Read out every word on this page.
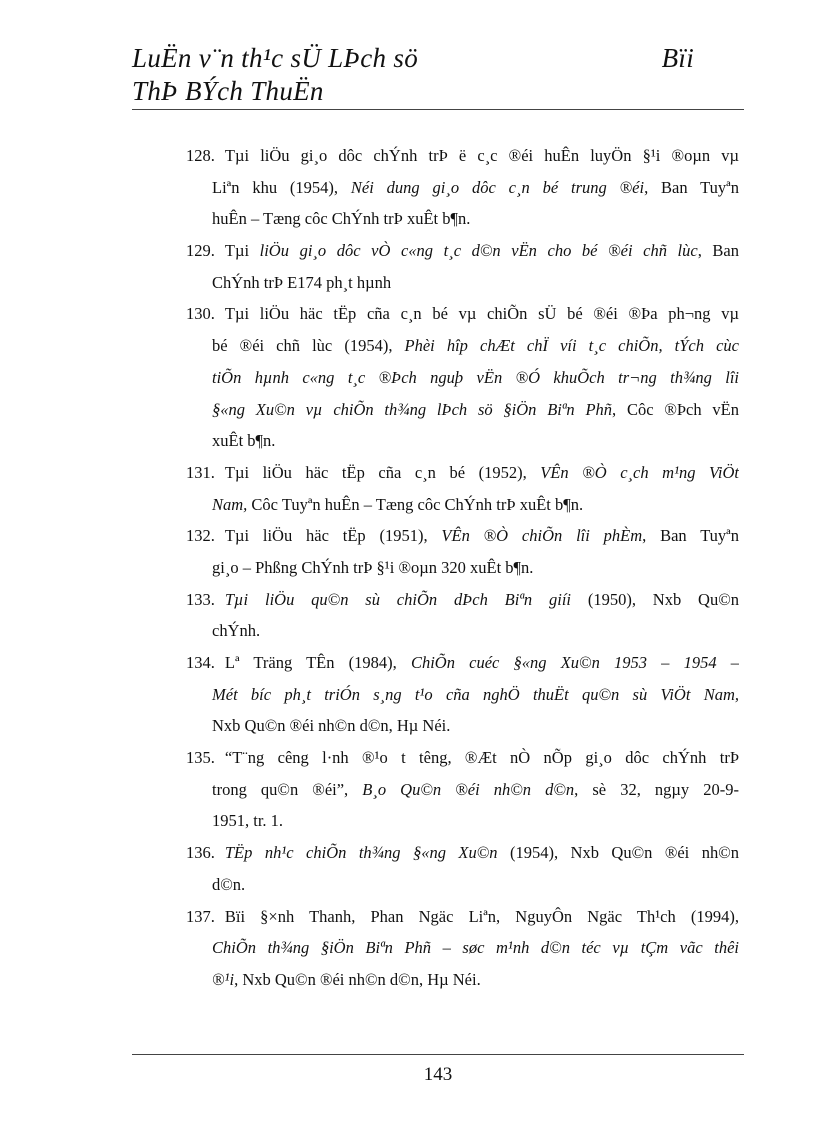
LuËn v¨n th¹c sÜ LÞch sö	Bïi
ThÞ BÝch ThuËn
128. Tµi liÖu gi¸o dôc chÝnh trÞ ë c¸c ®éi huÊn luyÖn §¹i ®oµn vµ
Liªn khu (1954), Néi dung gi¸o dôc c¸n bé trung ®éi, Ban Tuyªn
huÊn – Tæng côc ChÝnh trÞ xuÊt b¶n.
129. Tµi liÖu gi¸o dôc vÒ c«ng t¸c d©n vËn cho bé ®éi chñ lùc, Ban
ChÝnh trÞ E174 ph¸t hµnh
130. Tµi liÖu häc tËp cña c¸n bé vµ chiÕn sÜ bé ®éi ®Þa ph¬ng vµ
bé ®éi chñ lùc (1954), Phèi hîp chÆt chÏ víi t¸c chiÕn, tÝch cùc
tiÕn hµnh c«ng t¸c ®Þch nguþ vËn ®Ó khuÕch tr¬ng th¾ng lîi
§«ng Xu©n vµ chiÕn th¾ng lÞch sö §iÖn Biªn Phñ, Côc ®Þch vËn
xuÊt b¶n.
131. Tµi liÖu häc tËp cña c¸n bé (1952), VÊn ®Ò c¸ch m¹ng ViÖt
Nam, Côc Tuyªn huÊn – Tæng côc ChÝnh trÞ xuÊt b¶n.
132. Tµi liÖu häc tËp (1951), VÊn ®Ò chiÕn lîi phÈm, Ban Tuyªn
gi¸o – Phßng ChÝnh trÞ §¹i ®oµn 320 xuÊt b¶n.
133. Tµi liÖu qu©n sù chiÕn dÞch Biªn giíi (1950), Nxb Qu©n
chÝnh.
134. Lª Träng TÊn (1984), ChiÕn cuéc §«ng Xu©n 1953 – 1954 –
Mét bíc ph¸t triÓn s¸ng t¹o cña nghÖ thuËt qu©n sù ViÖt Nam,
Nxb Qu©n ®éi nh©n d©n, Hµ Néi.
135. “T¨ng cêng l·nh ®¹o t têng, ®Æt nÒ nÕp gi¸o dôc chÝnh trÞ
trong qu©n ®éi”, B¸o Qu©n ®éi nh©n d©n, sè 32, ngµy 20-9-
1951, tr. 1.
136. TËp nh¹c chiÕn th¾ng §«ng Xu©n (1954), Nxb Qu©n ®éi nh©n
d©n.
137. Bïi §×nh Thanh, Phan Ngäc Liªn, NguyÔn Ngäc Th¹ch (1994),
ChiÕn th¾ng §iÖn Biªn Phñ – søc m¹nh d©n téc vµ tÇm vãc thêi
®¹i, Nxb Qu©n ®éi nh©n d©n, Hµ Néi.
143
